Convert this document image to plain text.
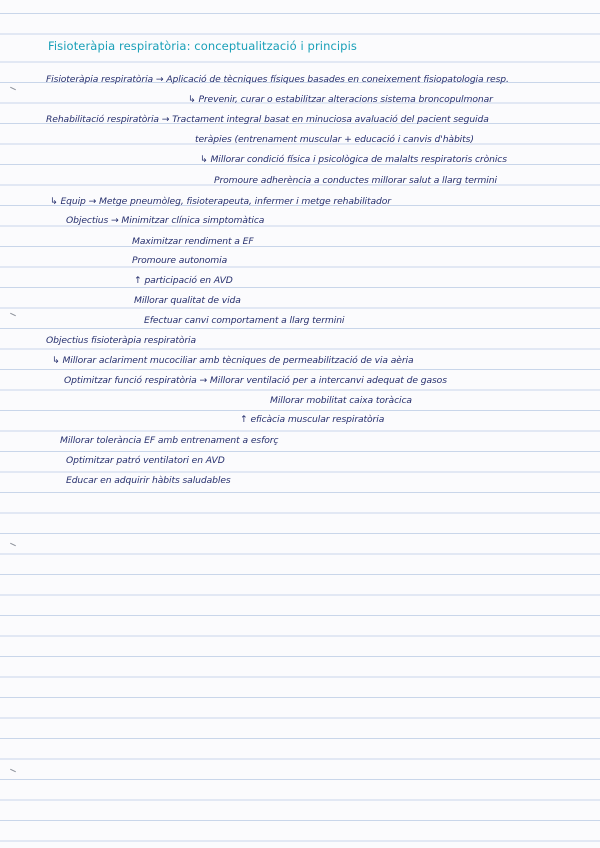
Fisioteràpia respiratòria: conceptualització i principis
Fisioteràpia respiratòria → Aplicació de tècniques físiques basades en coneixement fisiopatologia resp.
↳ Prevenir, curar o estabilitzar alteracions sistema broncopulmonar
Rehabilitació respiratòria → Tractament integral basat en minuciosa avaluació del pacient seguida
teràpies (entrenament muscular + educació i canvis d'hàbits)
↳ Millorar condició física i psicològica de malalts respiratoris crònics
Promoure adherència a conductes millorar salut a llarg termini
↳ Equip → Metge pneumòleg, fisioterapeuta, infermer i metge rehabilitador
Objectius → Minimitzar clínica simptomàtica
Maximitzar rendiment a EF
Promoure autonomia
↑ participació en AVD
Millorar qualitat de vida
Efectuar canvi comportament a llarg termini
Objectius fisioteràpia respiratòria
↳ Millorar aclariment mucociliar amb tècniques de permeabilització de via aèria
Optimitzar funció respiratòria → Millorar ventilació per a intercanvi adequat de gasos
Millorar mobilitat caixa toràcica
↑ eficàcia muscular respiratòria
Millorar tolerància EF amb entrenament a esforç
Optimitzar patró ventilatori en AVD
Educar en adquirir hàbits saludables
